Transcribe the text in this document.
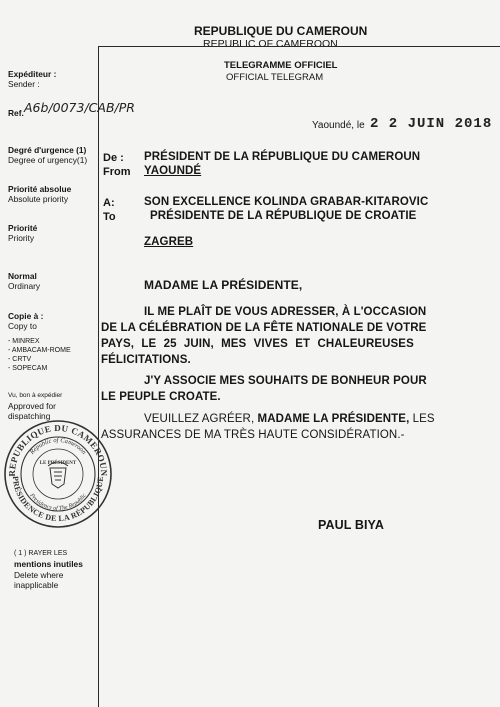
REPUBLIQUE DU CAMEROUN
REPUBLIC OF CAMEROON
TELEGRAMME OFFICIEL
OFFICIAL TELEGRAM
Expéditeur :
Sender :
Ref. A6b/0073/CAB/PR
Degré d'urgence (1)
Degree of urgency(1)
Priorité absolue
Absolute priority
Priorité
Priority
Normal
Ordinary
Copie à :
Copy to
- MINREX
- AMBACAM-ROME
- CRTV
- SOPECAM
Vu, bon à expédier
Approved for
dispatching
REPUBLIQUE DU CAMEROUN
PRÉSIDENCE DE LA RÉPUBLIQUE
Republic of Cameroon
Presidency of The Republic
LE PRÉSIDENT
( 1 ) RAYER LES
mentions inutiles
Delete where
inapplicable
Yaoundé, le 2 2 JUIN 2018
De :
From
PRÉSIDENT DE LA RÉPUBLIQUE DU CAMEROUN
YAOUNDÉ
A:
To
SON EXCELLENCE KOLINDA GRABAR-KITAROVIC
PRÉSIDENTE DE LA RÉPUBLIQUE DE CROATIE
ZAGREB
MADAME LA PRÉSIDENTE,
IL ME PLAÎT DE VOUS ADRESSER, À L'OCCASION
DE LA CÉLÉBRATION DE LA FÊTE NATIONALE DE VOTRE
PAYS, LE 25 JUIN, MES VIVES ET CHALEUREUSES
FÉLICITATIONS.
J'Y ASSOCIE MES SOUHAITS DE BONHEUR POUR
LE PEUPLE CROATE.
VEUILLEZ AGRÉER, MADAME LA PRÉSIDENTE, LES
ASSURANCES DE MA TRÈS HAUTE CONSIDÉRATION.-
PAUL BIYA
